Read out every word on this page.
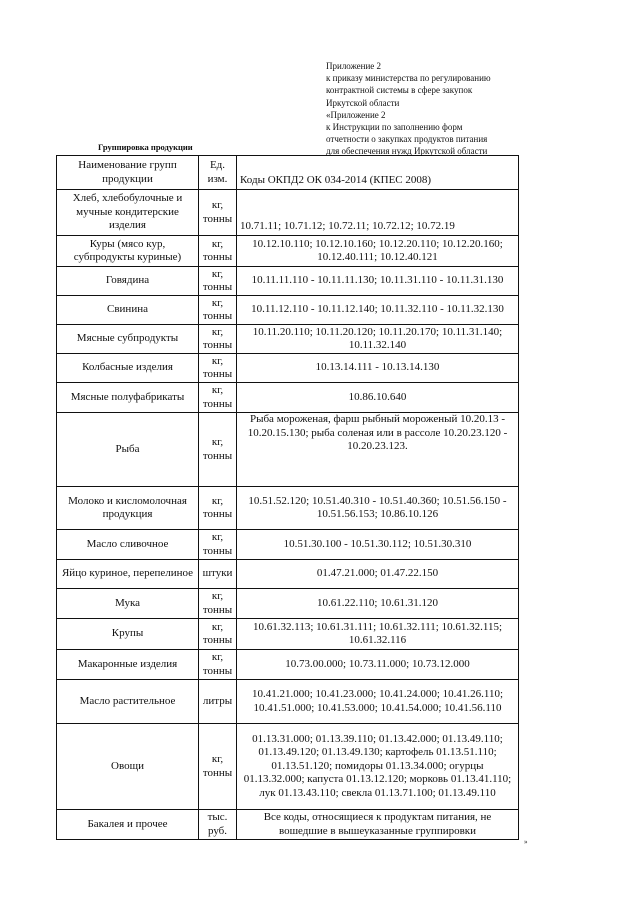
Приложение 2
к приказу министерства по регулированию
контрактной системы в сфере закупок
Иркутской области
«Приложение 2
к Инструкции по заполнению форм
отчетности о закупках продуктов питания
для обеспечения нужд Иркутской области
Группировка продукции
Наименование групп продукции	Ед. изм.	Коды ОКПД2 ОК 034-2014 (КПЕС 2008)
Хлеб, хлебобулочные и мучные кондитерские изделия	кг, тонны	10.71.11; 10.71.12; 10.72.11; 10.72.12; 10.72.19
Куры (мясо кур, субпродукты куриные)	кг, тонны	10.12.10.110; 10.12.10.160; 10.12.20.110; 10.12.20.160; 10.12.40.111; 10.12.40.121
Говядина	кг, тонны	10.11.11.110 - 10.11.11.130; 10.11.31.110 - 10.11.31.130
Свинина	кг, тонны	10.11.12.110 - 10.11.12.140; 10.11.32.110 - 10.11.32.130
Мясные субпродукты	кг, тонны	10.11.20.110; 10.11.20.120; 10.11.20.170; 10.11.31.140; 10.11.32.140
Колбасные изделия	кг, тонны	10.13.14.111 - 10.13.14.130
Мясные полуфабрикаты	кг, тонны	10.86.10.640
Рыба	кг, тонны	Рыба мороженая, фарш рыбный мороженый 10.20.13 - 10.20.15.130; рыба соленая или в рассоле 10.20.23.120 - 10.20.23.123.
Молоко и кисломолочная продукция	кг, тонны	10.51.52.120; 10.51.40.310 - 10.51.40.360; 10.51.56.150 - 10.51.56.153; 10.86.10.126
Масло сливочное	кг, тонны	10.51.30.100 - 10.51.30.112; 10.51.30.310
Яйцо куриное, перепелиное	штуки	01.47.21.000; 01.47.22.150
Мука	кг, тонны	10.61.22.110; 10.61.31.120
Крупы	кг, тонны	10.61.32.113; 10.61.31.111; 10.61.32.111; 10.61.32.115; 10.61.32.116
Макаронные изделия	кг, тонны	10.73.00.000; 10.73.11.000; 10.73.12.000
Масло растительное	литры	10.41.21.000; 10.41.23.000; 10.41.24.000; 10.41.26.110; 10.41.51.000; 10.41.53.000; 10.41.54.000; 10.41.56.110
Овощи	кг, тонны	01.13.31.000; 01.13.39.110; 01.13.42.000; 01.13.49.110; 01.13.49.120; 01.13.49.130; картофель 01.13.51.110; 01.13.51.120; помидоры 01.13.34.000; огурцы 01.13.32.000; капуста 01.13.12.120; морковь 01.13.41.110; лук 01.13.43.110; свекла 01.13.71.100; 01.13.49.110
Бакалея и прочее	тыс. руб.	Все коды, относящиеся к продуктам питания, не вошедшие в вышеуказанные группировки
»
